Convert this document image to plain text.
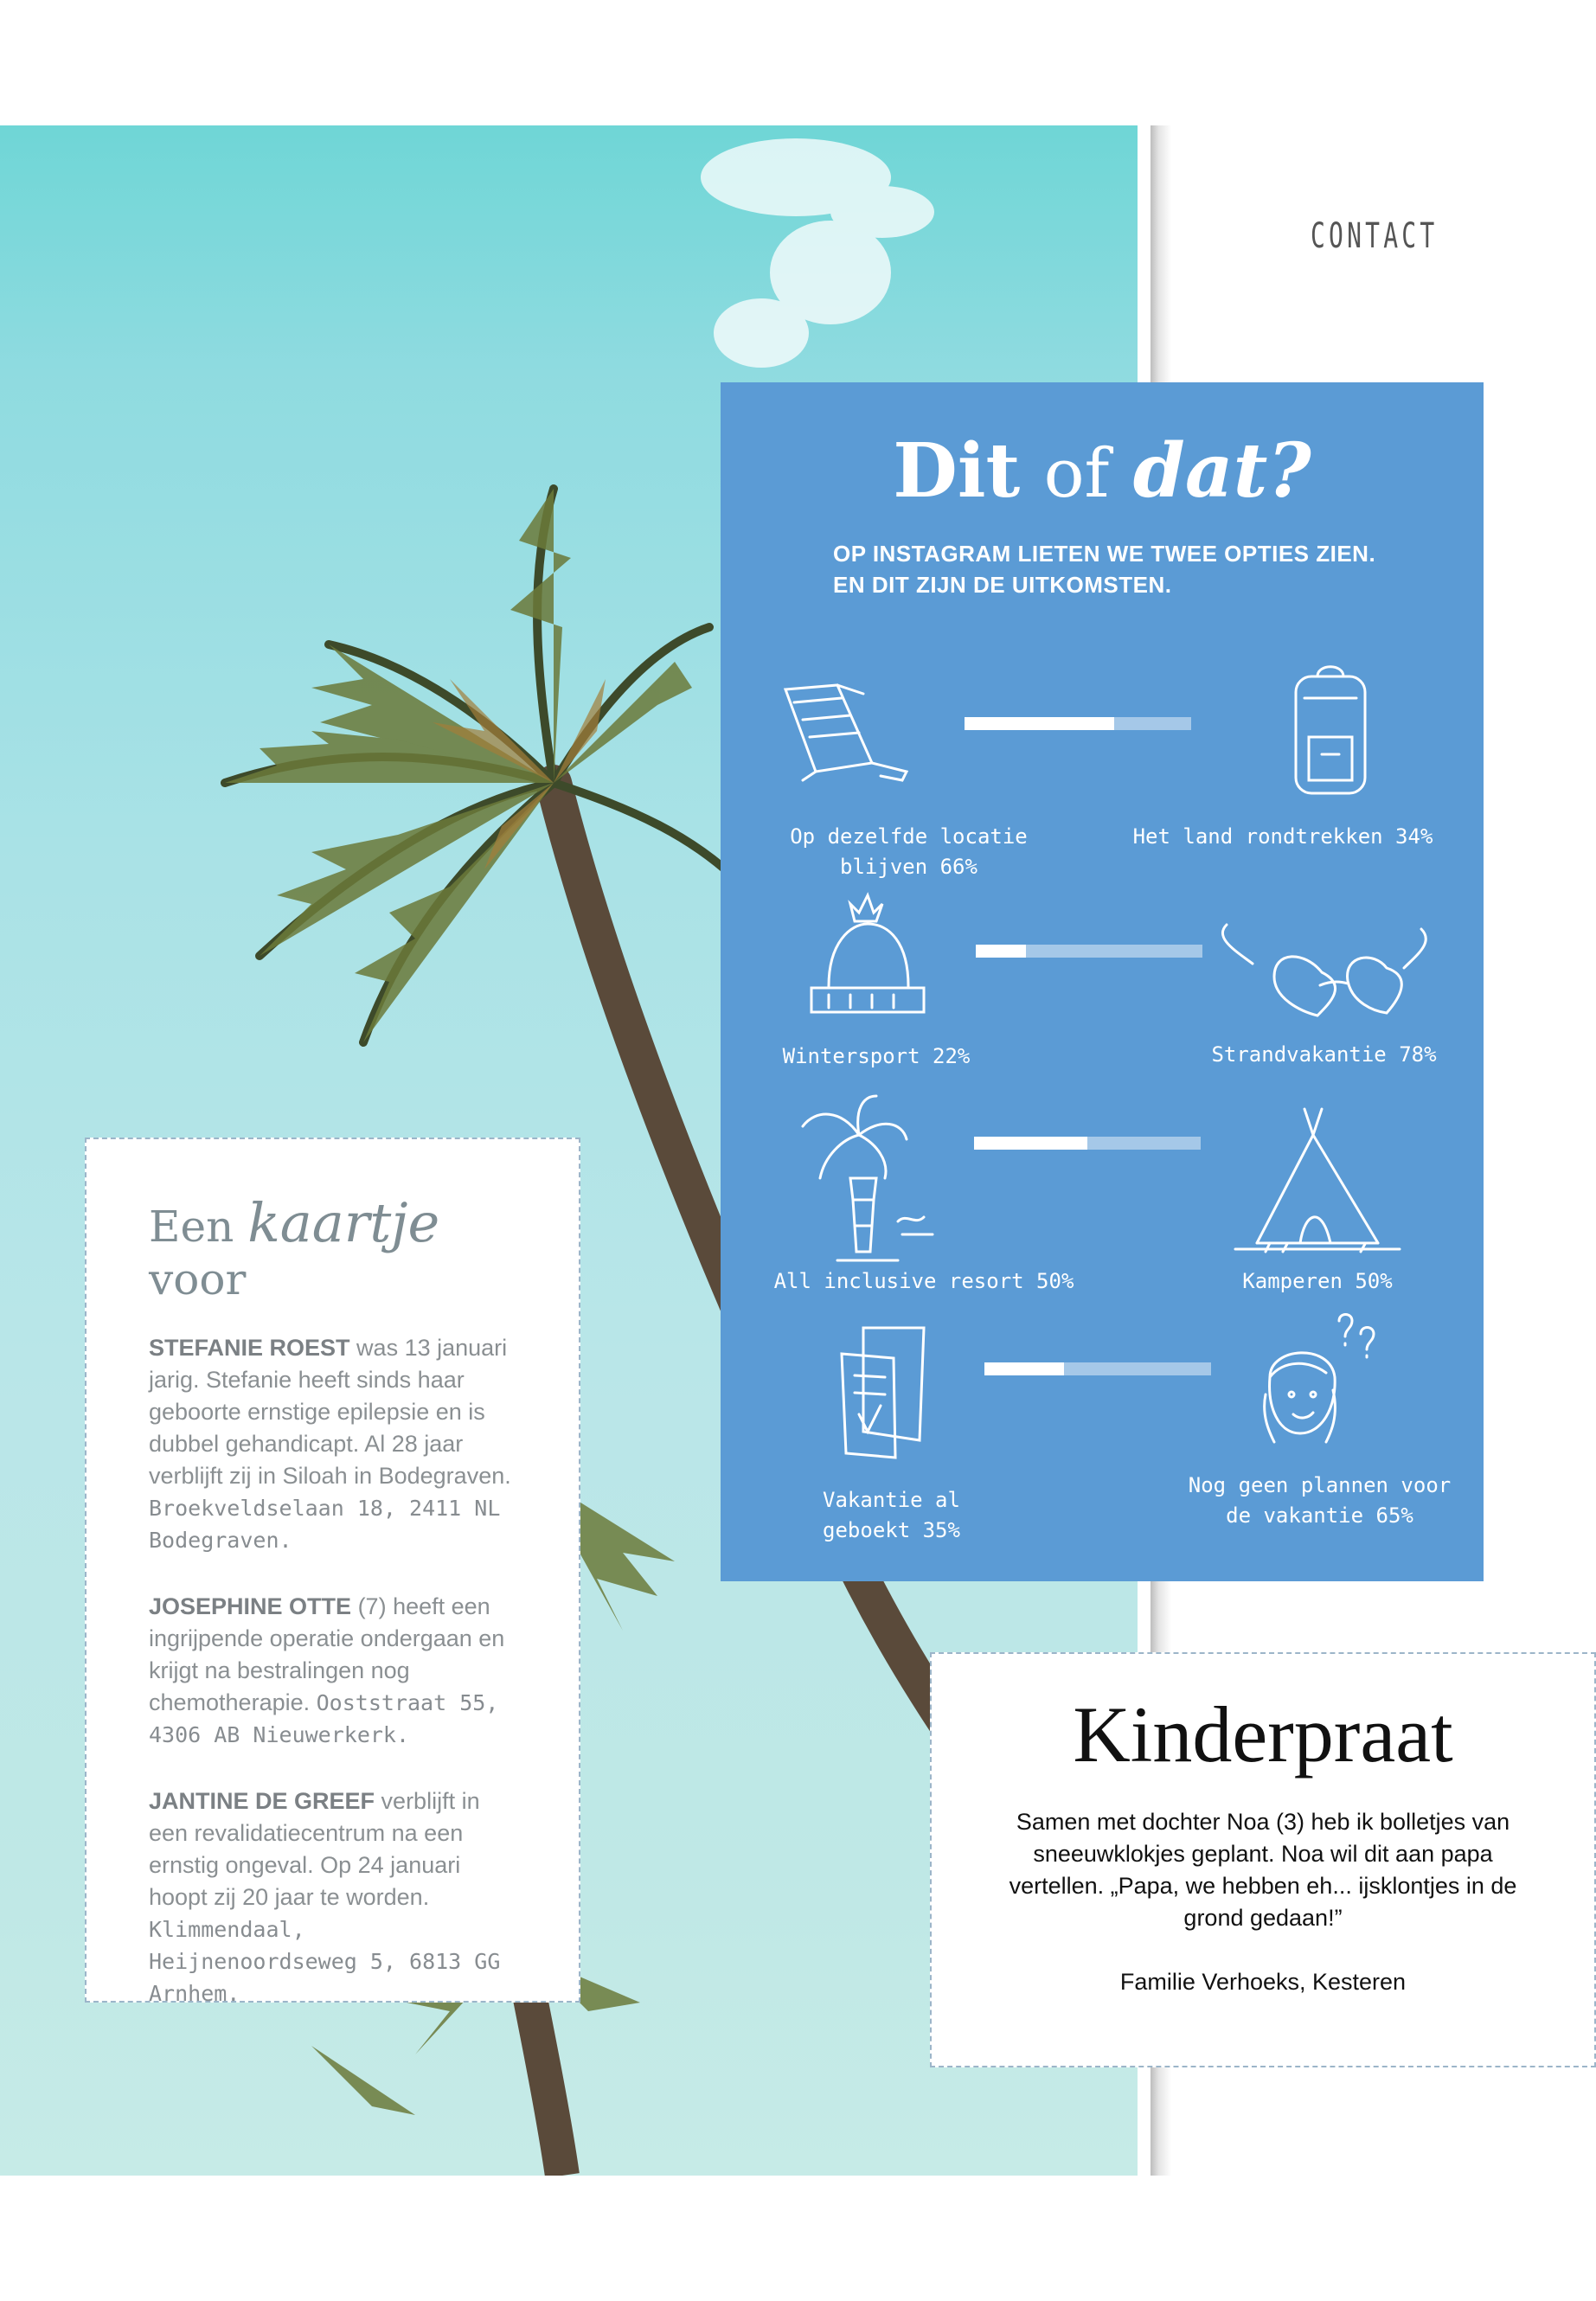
CONTACT
Dit of dat?
OP INSTAGRAM LIETEN WE TWEE OPTIES ZIEN. EN DIT ZIJN DE UITKOMSTEN.
Op dezelfde locatie blijven 66%
Het land rondtrekken 34%
Wintersport 22%	Strandvakantie 78%
All inclusive resort 50%	Kamperen 50%
Vakantie al geboekt 35%
Nog geen plannen voor de vakantie 65%
Een kaartje voor

STEFANIE ROEST was 13 januari jarig. Stefanie heeft sinds haar geboorte ernstige epilepsie en is dubbel gehandicapt. Al 28 jaar verblijft zij in Siloah in Bodegraven. Broekveldselaan 18, 2411 NL Bodegraven.

JOSEPHINE OTTE (7) heeft een ingrijpende operatie ondergaan en krijgt na bestralingen nog chemotherapie. Ooststraat 55, 4306 AB Nieuwerkerk.

JANTINE DE GREEF verblijft in een revalidatiecentrum na een ernstig ongeval. Op 24 januari hoopt zij 20 jaar te worden. Klimmendaal, Heijnenoordseweg 5, 6813 GG Arnhem.

Kinderpraat
Samen met dochter Noa (3) heb ik bolletjes van sneeuwklokjes geplant. Noa wil dit aan papa vertellen. „Papa, we hebben eh... ijsklontjes in de grond gedaan!”
Familie Verhoeks, Kesteren
